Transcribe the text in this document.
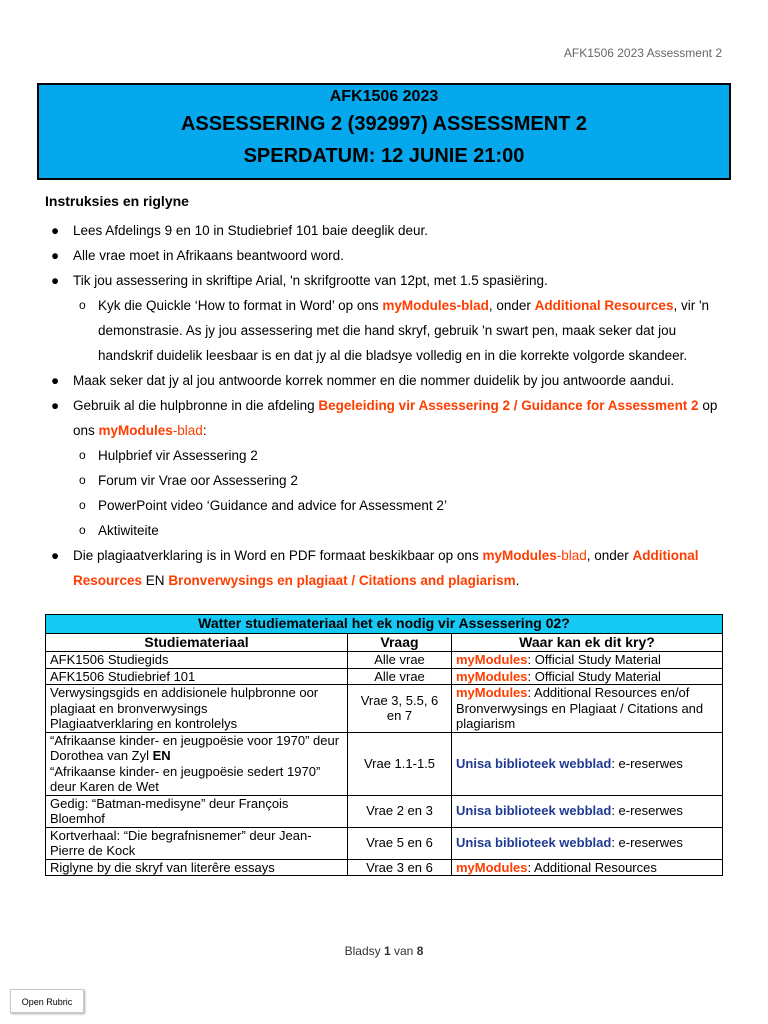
AFK1506 2023 Assessment 2
AFK1506 2023
ASSESSERING 2 (392997) ASSESSMENT 2
SPERDATUM: 12 JUNIE 21:00
Instruksies en riglyne
● Lees Afdelings 9 en 10 in Studiebrief 101 baie deeglik deur.
● Alle vrae moet in Afrikaans beantwoord word.
● Tik jou assessering in skriftipe Arial, 'n skrifgrootte van 12pt, met 1.5 spasiëring.
o Kyk die Quickle ‘How to format in Word’ op ons myModules-blad, onder Additional Resources, vir 'n demonstrasie. As jy jou assessering met die hand skryf, gebruik 'n swart pen, maak seker dat jou handskrif duidelik leesbaar is en dat jy al die bladsye volledig en in die korrekte volgorde skandeer.
● Maak seker dat jy al jou antwoorde korrek nommer en die nommer duidelik by jou antwoorde aandui.
● Gebruik al die hulpbronne in die afdeling Begeleiding vir Assessering 2 / Guidance for Assessment 2 op ons myModules-blad:
o Hulpbrief vir Assessering 2
o Forum vir Vrae oor Assessering 2
o PowerPoint video ‘Guidance and advice for Assessment 2’
o Aktiwiteite
● Die plagiaatverklaring is in Word en PDF formaat beskikbaar op ons myModules-blad, onder Additional Resources EN Bronverwysings en plagiaat / Citations and plagiarism.
Watter studiemateriaal het ek nodig vir Assessering 02?		
Studiemateriaal	Vraag	Waar kan ek dit kry?
AFK1506 Studiegids	Alle vrae	myModules: Official Study Material
AFK1506 Studiebrief 101	Alle vrae	myModules: Official Study Material

Verwysingsgids en addisionele hulpbronne oor plagiaat en bronverwysings
Plagiaatverklaring en kontrolelys	Vrae 3, 5.5, 6 en 7	myModules: Additional Resources en/of Bronverwysings en Plagiaat / Citations and plagiarism

“Afrikaanse kinder- en jeugpoësie voor 1970” deur Dorothea van Zyl EN
“Afrikaanse kinder- en jeugpoësie sedert 1970” deur Karen de Wet	Vrae 1.1-1.5	Unisa biblioteek webblad: e-reserwes
Gedig: “Batman-medisyne” deur François Bloemhof	Vrae 2 en 3	Unisa biblioteek webblad: e-reserwes
Kortverhaal: “Die begrafnisnemer” deur Jean-Pierre de Kock	Vrae 5 en 6	Unisa biblioteek webblad: e-reserwes
Riglyne by die skryf van literêre essays	Vrae 3 en 6	myModules: Additional Resources
Bladsy 1 van 8
Open Rubric
